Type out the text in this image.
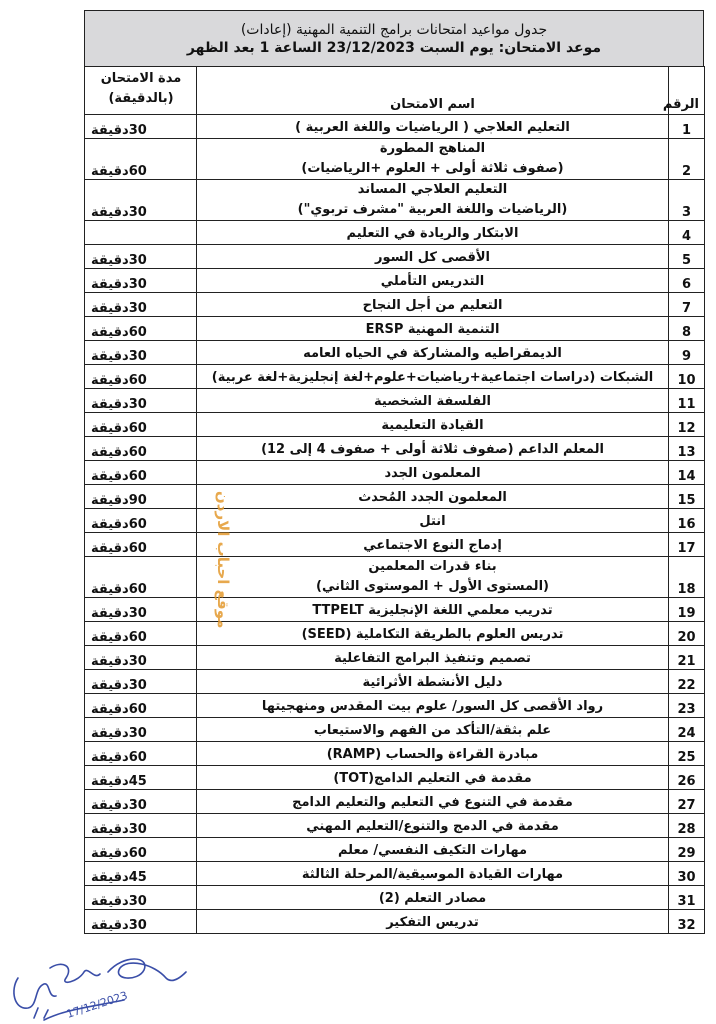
جدول مواعيد امتحانات برامج التنمية المهنية (إعادات)
موعد الامتحان: يوم السبت 23/12/2023 الساعة 1 بعد الظهر
الرقم	اسم الامتحان	مدة الامتحان
(بالدقيقة)

1	التعليم العلاجي ( الرياضيات واللغة العربية )	30دقيقة
2	المناهج المطورة
(صفوف ثلاثة أولى + العلوم +الرياضيات)	60دقيقة
3	التعليم العلاجي المساند
(الرياضيات واللغة العربية "مشرف تربوي")	30دقيقة
4	الابتكار والريادة في التعليم	

5	الأقصى كل السور	30دقيقة
6	التدريس التأملي	30دقيقة
7	التعليم من أجل النجاح	30دقيقة
8	التنمية المهنية ERSP	60دقيقة
9	الديمقراطيه والمشاركة في الحياه العامه	30دقيقة
10	الشبكات (دراسات اجتماعية+رياضيات+علوم+لغة إنجليزية+لغة عربية)	60دقيقة
11	الفلسفة الشخصية	30دقيقة
12	القيادة التعليمية	60دقيقة
13	المعلم الداعم (صفوف ثلاثة أولى + صفوف 4 إلى 12)	60دقيقة
14	المعلمون الجدد	60دقيقة
15	المعلمون الجدد المُحدث	90دقيقة
16	انتل	60دقيقة
17	إدماج النوع الاجتماعي	60دقيقة
18	بناء قدرات المعلمين
(المستوى الأول + الموستوى الثاني)	60دقيقة
19	تدريب معلمي اللغة الإنجليزية TTPELT	30دقيقة
20	تدريس العلوم بالطريقة التكاملية (SEED)	60دقيقة
21	تصميم وتنفيذ البرامج التفاعلية	30دقيقة
22	دليل الأنشطة الأثرائية	30دقيقة
23	رواد الأقصى كل السور/ علوم بيت المقدس ومنهجيتها	60دقيقة
24	علم بثقة/التأكد من الفهم والاستيعاب	30دقيقة
25	مبادرة القراءة والحساب (RAMP)	60دقيقة
26	مقدمة في التعليم الدامج(TOT)	45دقيقة
27	مقدمة في التنوع في التعليم والتعليم الدامج	30دقيقة
28	مقدمة في الدمج والتنوع/التعليم المهني	30دقيقة
29	مهارات التكيف النفسي/ معلم	60دقيقة
30	مهارات القيادة الموسيقية/المرحلة الثالثة	45دقيقة
31	مصادر التعلم (2)	30دقيقة
32	تدريس التفكير	30دقيقة
موقع احباب الاردن
17/12/2023
